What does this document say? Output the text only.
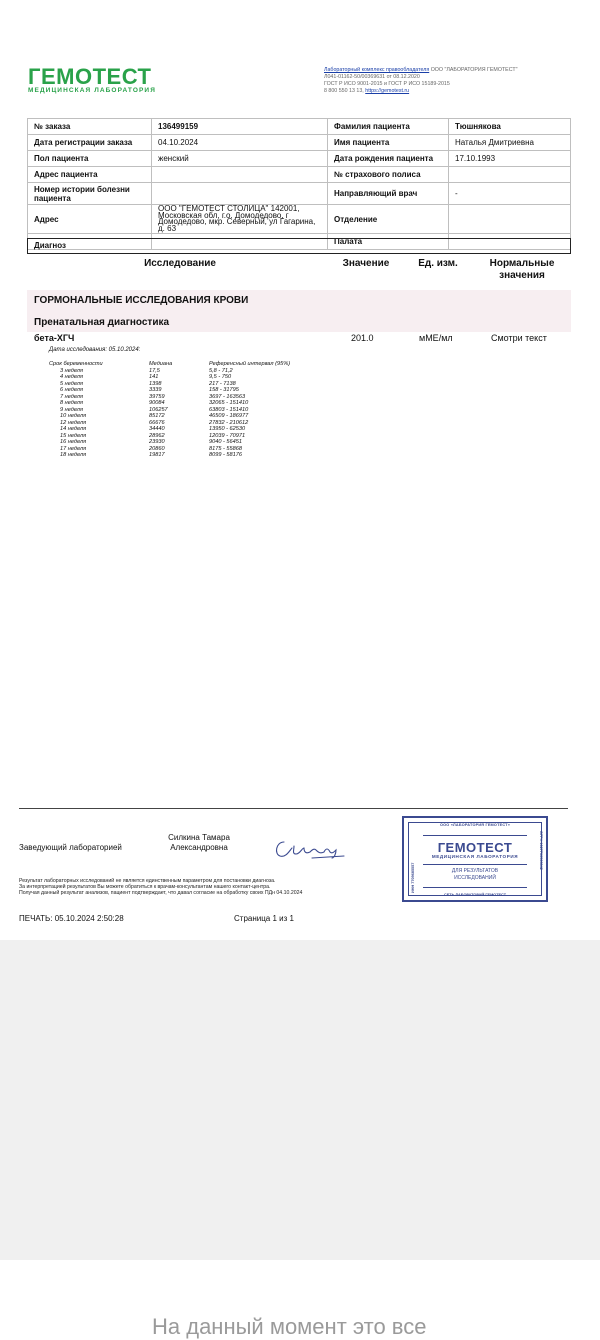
ГЕМОТЕСТ
МЕДИЦИНСКАЯ ЛАБОРАТОРИЯ
Лабораторный комплекс правообладателя ООО "ЛАБОРАТОРИЯ ГЕМОТЕСТ"
Л041-01162-50/00369631 от 08.12.2020
ГОСТ Р ИСО 9001-2015 и ГОСТ Р ИСО 15189-2015
8 800 550 13 13, https://gemotest.ru
№ заказа	136499159	Фамилия пациента	Тюшнякова
Дата регистрации заказа	04.10.2024	Имя пациента	Наталья Дмитриевна
Пол пациента	женский	Дата рождения пациента	17.10.1993
Адрес пациента		№ страхового полиса	
Номер истории болезни пациента		Направляющий врач	-
Адрес	ООО "ГЕМОТЕСТ СТОЛИЦА" 142001, Московская обл, г.о. Домодедово, г Домодедово, мкр. Северный, ул Гагарина, д. 63	Отделение	
		Палата	
Диагноз
Исследование	Значение	Ед. изм.	Нормальные
значения
ГОРМОНАЛЬНЫЕ ИССЛЕДОВАНИЯ КРОВИ
Пренатальная диагностика
бета-ХГЧ	201.0	мМЕ/мл	Смотри текст
Дата исследования: 05.10.2024:
Срок беременности	Медиана	Референсный интервал (95%)
3 неделя	17,5	5,8 - 71,2
4 неделя	141	9,5 - 750
5 неделя	1398	217 - 7138
6 неделя	3339	158 - 31795
7 неделя	39759	3697 - 163563
8 неделя	90084	32065 - 151410
9 неделя	106257	63803 - 151410
10 неделя	85172	46509 - 186977
12 неделя	66676	27832 - 210612
14 неделя	34440	13950 - 62530
15 неделя	28962	12039 - 70971
16 неделя	23930	9040 - 56451
17 неделя	20860	8175 - 55868
18 неделя	19817	8099 - 58176
Заведующий лабораторией
Силкина Тамара
Александровна
Результат лабораторных исследований не является единственным параметром для постановки диагноза.
За интерпретацией результатов Вы можете обратиться к врачам-консультантам нашего контакт-центра.
Получая данный результат анализов, пациент подтверждает, что давал согласие на обработку своих ПДн 04.10.2024
ПЕЧАТЬ: 05.10.2024 2:50:28	Страница 1 из 1
ООО «ЛАБОРАТОРИЯ ГЕМОТЕСТ»
ГЕМОТЕСТ
МЕДИЦИНСКАЯ ЛАБОРАТОРИЯ
ДЛЯ РЕЗУЛЬТАТОВ
ИССЛЕДОВАНИЙ
СЕТЬ ЛАБОРАТОРИЙ ГЕМОТЕСТ
ИНН 7709685557
ОГРН 1027700508642
На данный момент это все
